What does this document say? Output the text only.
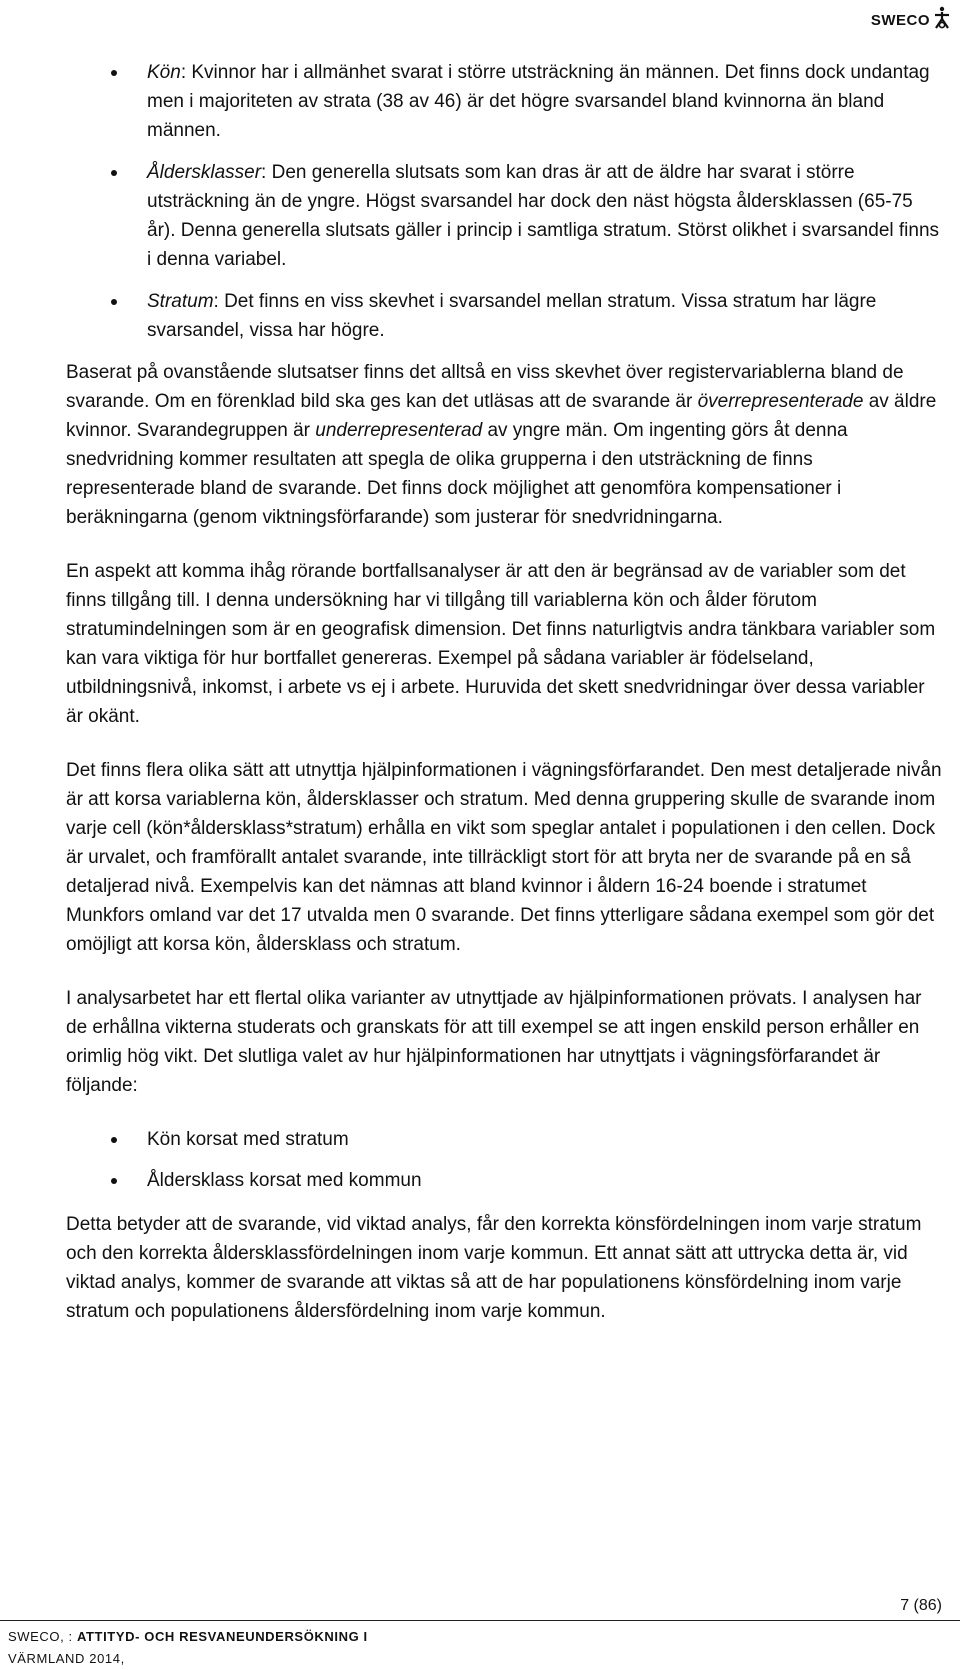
SWECO
Kön: Kvinnor har i allmänhet svarat i större utsträckning än männen. Det finns dock undantag men i majoriteten av strata (38 av 46) är det högre svarsandel bland kvinnorna än bland männen.
Åldersklasser: Den generella slutsats som kan dras är att de äldre har svarat i större utsträckning än de yngre. Högst svarsandel har dock den näst högsta åldersklassen (65-75 år). Denna generella slutsats gäller i princip i samtliga stratum. Störst olikhet i svarsandel finns i denna variabel.
Stratum: Det finns en viss skevhet i svarsandel mellan stratum. Vissa stratum har lägre svarsandel, vissa har högre.

Baserat på ovanstående slutsatser finns det alltså en viss skevhet över registervariablerna bland de svarande. Om en förenklad bild ska ges kan det utläsas att de svarande är överrepresenterade av äldre kvinnor. Svarandegruppen är underrepresenterad av yngre män. Om ingenting görs åt denna snedvridning kommer resultaten att spegla de olika grupperna i den utsträckning de finns representerade bland de svarande. Det finns dock möjlighet att genomföra kompensationer i beräkningarna (genom viktningsförfarande) som justerar för snedvridningarna.

En aspekt att komma ihåg rörande bortfallsanalyser är att den är begränsad av de variabler som det finns tillgång till. I denna undersökning har vi tillgång till variablerna kön och ålder förutom stratumindelningen som är en geografisk dimension. Det finns naturligtvis andra tänkbara variabler som kan vara viktiga för hur bortfallet genereras. Exempel på sådana variabler är födelseland, utbildningsnivå, inkomst, i arbete vs ej i arbete. Huruvida det skett snedvridningar över dessa variabler är okänt.

Det finns flera olika sätt att utnyttja hjälpinformationen i vägningsförfarandet. Den mest detaljerade nivån är att korsa variablerna kön, åldersklasser och stratum. Med denna gruppering skulle de svarande inom varje cell (kön*åldersklass*stratum) erhålla en vikt som speglar antalet i populationen i den cellen. Dock är urvalet, och framförallt antalet svarande, inte tillräckligt stort för att bryta ner de svarande på en så detaljerad nivå. Exempelvis kan det nämnas att bland kvinnor i åldern 16-24 boende i stratumet Munkfors omland var det 17 utvalda men 0 svarande. Det finns ytterligare sådana exempel som gör det omöjligt att korsa kön, åldersklass och stratum.

I analysarbetet har ett flertal olika varianter av utnyttjade av hjälpinformationen prövats. I analysen har de erhållna vikterna studerats och granskats för att till exempel se att ingen enskild person erhåller en orimlig hög vikt. Det slutliga valet av hur hjälpinformationen har utnyttjats i vägningsförfarandet är följande:

Kön korsat med stratum
Åldersklass korsat med kommun

Detta betyder att de svarande, vid viktad analys, får den korrekta könsfördelningen inom varje stratum och den korrekta åldersklassfördelningen inom varje kommun. Ett annat sätt att uttrycka detta är, vid viktad analys, kommer de svarande att viktas så att de har populationens könsfördelning inom varje stratum och populationens åldersfördelning inom varje kommun.

7 (86)
SWECO, : ATTITYD- OCH RESVANEUNDERSÖKNING I
VÄRMLAND 2014,
